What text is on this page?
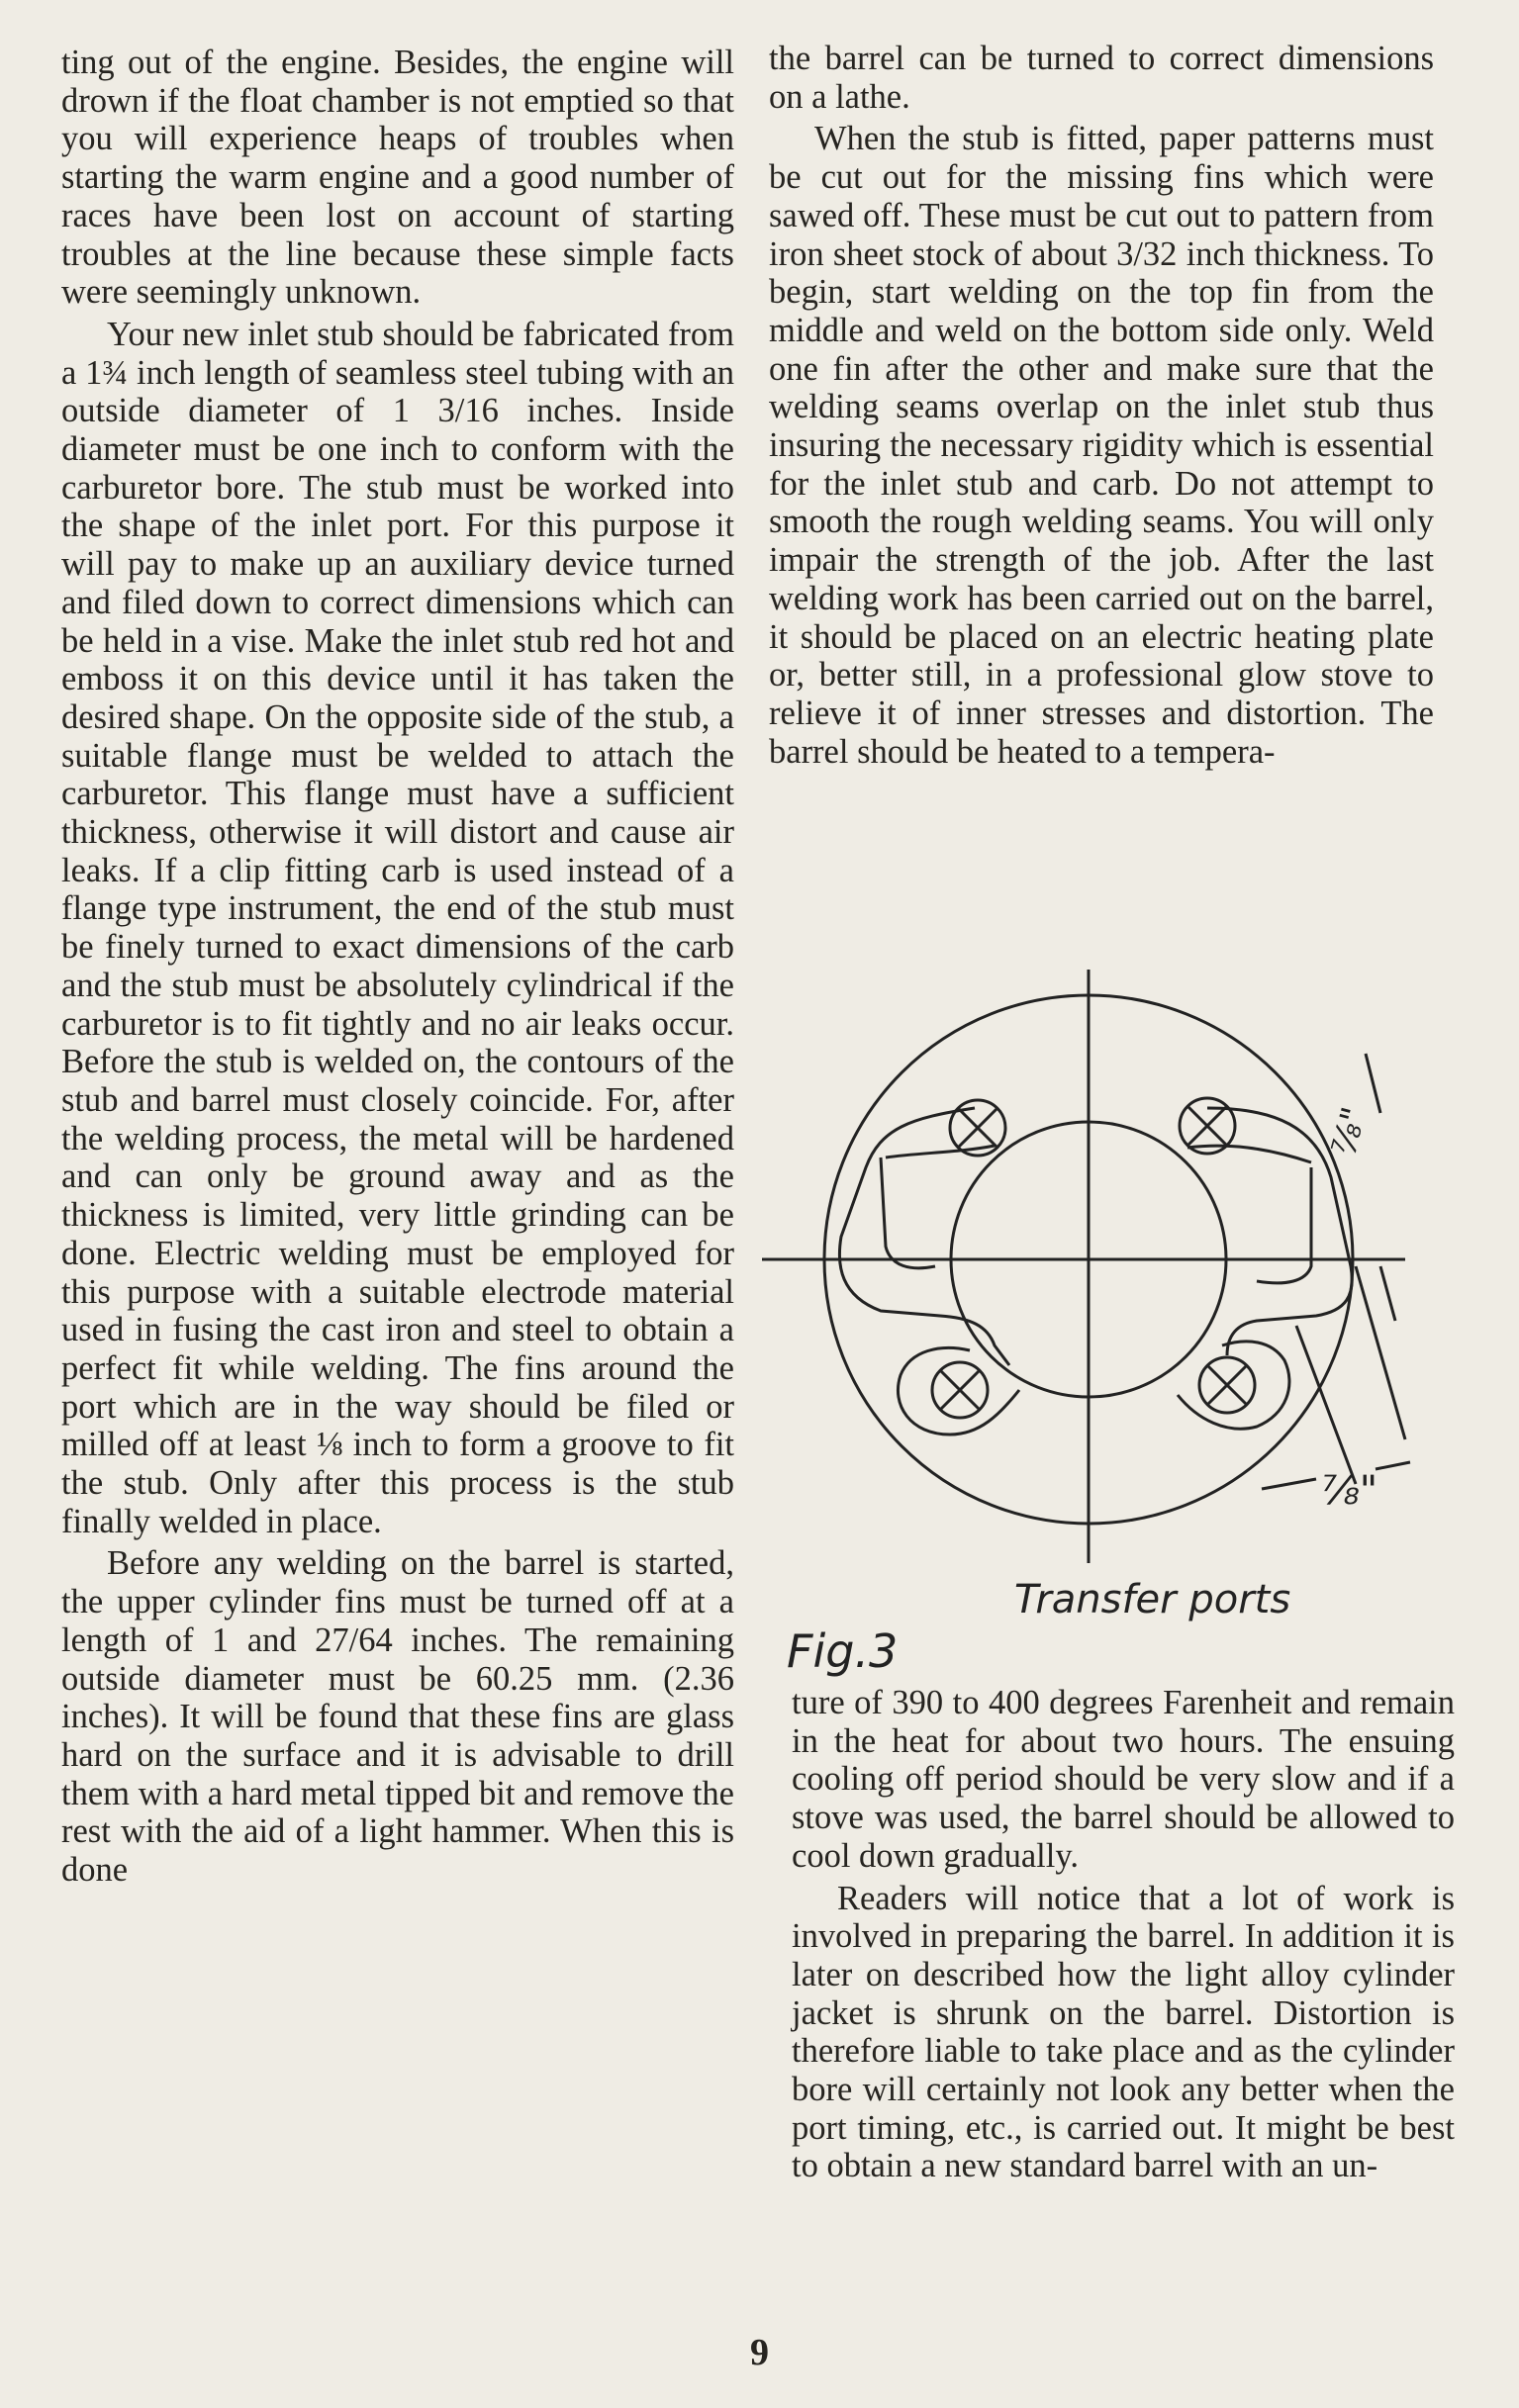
ting out of the engine. Besides, the engine will drown if the float chamber is not emptied so that you will experience heaps of troubles when starting the warm engine and a good number of races have been lost on account of starting troubles at the line because these simple facts were seemingly unknown.

Your new inlet stub should be fabricated from a 1¾ inch length of seamless steel tubing with an outside diameter of 1 3/16 inches. Inside diameter must be one inch to conform with the carburetor bore. The stub must be worked into the shape of the inlet port. For this purpose it will pay to make up an auxiliary device turned and filed down to correct dimensions which can be held in a vise. Make the inlet stub red hot and emboss it on this device until it has taken the desired shape. On the opposite side of the stub, a suitable flange must be welded to attach the carburetor. This flange must have a sufficient thickness, otherwise it will distort and cause air leaks. If a clip fitting carb is used instead of a flange type instrument, the end of the stub must be finely turned to exact dimensions of the carb and the stub must be absolutely cylindrical if the carburetor is to fit tightly and no air leaks occur. Before the stub is welded on, the contours of the stub and barrel must closely coincide. For, after the welding process, the metal will be hardened and can only be ground away and as the thickness is limited, very little grinding can be done. Electric welding must be employed for this purpose with a suitable electrode material used in fusing the cast iron and steel to obtain a perfect fit while welding. The fins around the port which are in the way should be filed or milled off at least ⅛ inch to form a groove to fit the stub. Only after this process is the stub finally welded in place.

Before any welding on the barrel is started, the upper cylinder fins must be turned off at a length of 1 and 27/64 inches. The remaining outside diameter must be 60.25 mm. (2.36 inches). It will be found that these fins are glass hard on the surface and it is advisable to drill them with a hard metal tipped bit and remove the rest with the aid of a light hammer. When this is done

the barrel can be turned to correct dimensions on a lathe.

When the stub is fitted, paper patterns must be cut out for the missing fins which were sawed off. These must be cut out to pattern from iron sheet stock of about 3/32 inch thickness. To begin, start welding on the top fin from the middle and weld on the bottom side only. Weld one fin after the other and make sure that the welding seams overlap on the inlet stub thus insuring the necessary rigidity which is essential for the inlet stub and carb. Do not attempt to smooth the rough welding seams. You will only impair the strength of the job. After the last welding work has been carried out on the barrel, it should be placed on an electric heating plate or, better still, in a professional glow stove to relieve it of inner stresses and distortion. The barrel should be heated to a tempera-

⅞"
⅞"
Transfer ports
Fig.3

ture of 390 to 400 degrees Farenheit and remain in the heat for about two hours. The ensuing cooling off period should be very slow and if a stove was used, the barrel should be allowed to cool down gradually.

Readers will notice that a lot of work is involved in preparing the barrel. In addition it is later on described how the light alloy cylinder jacket is shrunk on the barrel. Distortion is therefore liable to take place and as the cylinder bore will certainly not look any better when the port timing, etc., is carried out. It might be best to obtain a new standard barrel with an un-

9
